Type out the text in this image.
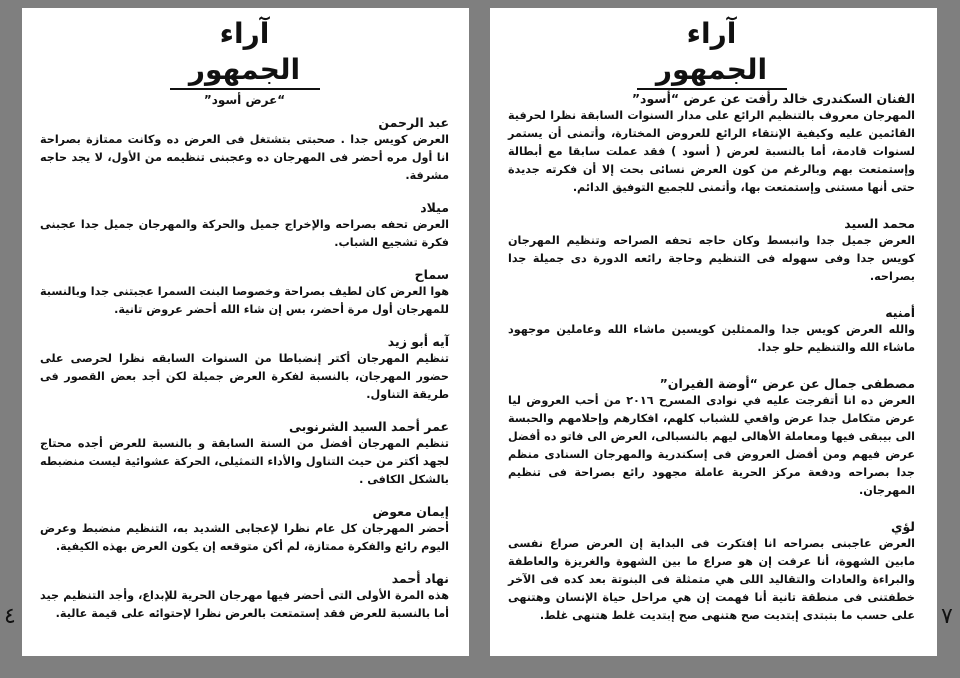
آراء الجمهور
“عرض أسود”

عبد الرحمن

العرض كويس جدا . صحبتى بتشتغل فى العرض ده وكانت ممتازة بصراحة انا أول مره أحضر فى المهرجان ده وعجبنى تنظيمه من الأول، لا يجد حاجه مشرفة.

ميلاد

العرض تحفه بصراحه والإخراج جميل والحركة والمهرجان جميل جدا عجبنى فكرة تشجيع الشباب.

سماح

هوا العرض كان لطيف بصراحة وخصوصا البنت السمرا عجبتنى جدا وبالنسبة للمهرجان أول مرة أحضر، بس إن شاء الله أحضر عروض تانية.

آيه أبو زيد

تنظيم المهرجان أكتر إنضباطا من السنوات السابقه نظرا لحرصى على حضور المهرجان، بالنسبة لفكرة العرض جميلة لكن أجد بعض القصور فى طريقة التناول.

عمر أحمد السيد الشرنوبى

تنظيم المهرجان أفضل من السنة السابقة و بالنسبة للعرض أجده محتاج لجهد أكتر من حيث التناول والأداء التمثيلى، الحركة عشوائية ليست منضبطه بالشكل الكافى .

إيمان معوض

أحضر المهرجان كل عام نظرا لإعجابى الشديد به، التنظيم منضبط وعرض اليوم رائع والفكرة ممتازة، لم أكن متوقعه إن يكون العرض بهذه الكيفية.

نهاد أحمد

هذه المرة الأولى التى أحضر فيها مهرجان الحرية للإبداع، وأجد التنظيم جيد أما بالنسبة للعرض فقد إستمتعت بالعرض نظرا لإحتوائه على قيمة عالية.

آراء الجمهور

الفنان السكندرى خالد رأفت عن عرض “أسود”

المهرجان معروف بالتنظيم الرائع على مدار السنوات السابقة نظرا لحرفية القائمين عليه وكيفية الإنتقاء الرائع للعروض المختارة، وأتمنى أن يستمر لسنوات قادمة، أما بالنسبة لعرض ( أسود ) فقد عملت سابقا مع أبطالة وإستمتعت بهم وبالرغم من كون العرض نسائى بحت إلا أن فكرته جديدة حتى أنها مستنى وإستمتعت بها، وأتمنى للجميع التوفيق الدائم.

محمد السيد

العرض جميل جدا وانبسط وكان حاجه تحفه الصراحه وتنظيم المهرجان كويس جدا وفى سهوله فى التنظيم وحاجة رائعه الدورة دى جميلة جدا بصراحه.

أمنيه

والله العرض كويس جدا والممثلين كويسين ماشاء الله وعاملين موجهود ماشاء الله والتنظيم حلو جدا.

مصطفى جمال عن عرض “أوضة الفيران”

العرض ده انا أتفرجت عليه في نوادى المسرح ٢٠١٦ من أحب العروض ليا عرض متكامل جدا عرض واقعي للشباب كلهم، افكارهم وإحلامهم والحبسة الى بيبقى فيها ومعاملة الأهالى ليهم بالنسبالى، العرض الى فاتو ده أفضل عرض فيهم ومن أفضل العروض فى إسكندرية والمهرجان السنادى منظم جدا بصراحه ودفعة مركز الحرية عاملة مجهود رائع بصراحة فى تنظيم المهرجان.

لؤي

العرض عاجبنى بصراحه انا إفتكرت فى البداية إن العرض صراع نفسى مابين الشهوة، أنا عرفت إن هو صراع ما بين الشهوة والغريزة والعاطفة والبراءة والعادات والتقاليد اللى هي متمثلة فى البنوتة بعد كده فى الآخر خطفتنى فى منطقة تانية أنا فهمت إن هي مراحل حياة الإنسان وهتنهى على حسب ما بتبتدى إبتديت صح هتنهى صح إبتديت غلط هتنهى غلط.

٤	٧
